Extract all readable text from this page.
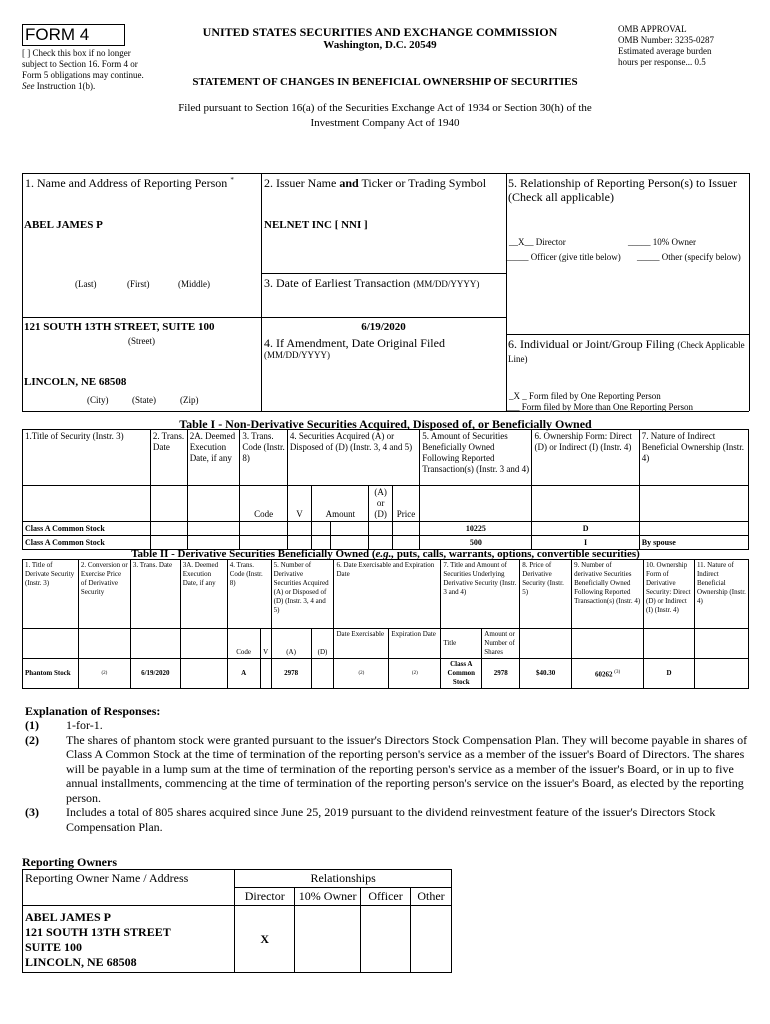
FORM 4
[ ] Check this box if no longer subject to Section 16. Form 4 or Form 5 obligations may continue. See Instruction 1(b).
UNITED STATES SECURITIES AND EXCHANGE COMMISSION
Washington, D.C. 20549
OMB APPROVAL
OMB Number: 3235-0287
Estimated average burden
hours per response... 0.5
STATEMENT OF CHANGES IN BENEFICIAL OWNERSHIP OF SECURITIES
Filed pursuant to Section 16(a) of the Securities Exchange Act of 1934 or Section 30(h) of the
Investment Company Act of 1940
1. Name and Address of Reporting Person *
ABEL JAMES P
(Last)	(First)	(Middle)
121 SOUTH 13TH STREET, SUITE 100
(Street)
LINCOLN, NE 68508
(City)	(State)	(Zip)
2. Issuer Name and Ticker or Trading Symbol
NELNET INC [ NNI ]
3. Date of Earliest Transaction (MM/DD/YYYY)
6/19/2020
4. If Amendment, Date Original Filed
(MM/DD/YYYY)
5. Relationship of Reporting Person(s) to Issuer (Check all applicable)
__X__ Director	_____ 10% Owner
_____ Officer (give title below)	_____ Other (specify below)
6. Individual or Joint/Group Filing (Check Applicable Line)
_X _ Form filed by One Reporting Person
___ Form filed by More than One Reporting Person
Table I - Non-Derivative Securities Acquired, Disposed of, or Beneficially Owned
1.Title of Security (Instr. 3)	2. Trans. Date	2A. Deemed Execution Date, if any	3. Trans. Code (Instr. 8)	4. Securities Acquired (A) or Disposed of (D) (Instr. 3, 4 and 5)					5. Amount of Securities Beneficially Owned Following Reported Transaction(s) (Instr. 3 and 4)	6. Ownership Form: Direct (D) or Indirect (I) (Instr. 4)	7. Nature of Indirect Beneficial Ownership (Instr. 4)
			Code	V	Amount		(A) or (D)	Price			
Class A Common Stock									10225	D	
Class A Common Stock									500	I	By spouse
Table II - Derivative Securities Beneficially Owned (e.g., puts, calls, warrants, options, convertible securities)
1. Title of Derivate Security (Instr. 3)	2. Conversion or Exercise Price of Derivative Security	3. Trans. Date	3A. Deemed Execution Date, if any	4. Trans. Code (Instr. 8)		5. Number of Derivative Securities Acquired (A) or Disposed of (D) (Instr. 3, 4 and 5)		6. Date Exercisable and Expiration Date		7. Title and Amount of Securities Underlying Derivative Security (Instr. 3 and 4)		8. Price of Derivative Security (Instr. 5)	9. Number of derivative Securities Beneficially Owned Following Reported Transaction(s) (Instr. 4)	10. Ownership Form of Derivative Security: Direct (D) or Indirect (I) (Instr. 4)	11. Nature of Indirect Beneficial Ownership (Instr. 4)
				Code	V	(A)	(D)	Date Exercisable	Expiration Date	Title	Amount or Number of Shares				
Phantom Stock	(2)	6/19/2020		A		2978		(2)	(2)	Class A Common Stock	2978	$40.30	60262 $^{(3)}$	D	
Explanation of Responses:
(1) 1-for-1.
(2) The shares of phantom stock were granted pursuant to the issuer's Directors Stock Compensation Plan. They will become payable in shares of Class A Common Stock at the time of termination of the reporting person's service as a member of the issuer's Board of Directors. The shares will be payable in a lump sum at the time of termination of the reporting person's service as a member of the issuer's Board, or in up to five annual installments, commencing at the time of termination of the reporting person's service on the issuer's Board, as elected by the reporting person.
(3) Includes a total of 805 shares acquired since June 25, 2019 pursuant to the dividend reinvestment feature of the issuer's Directors Stock Compensation Plan.
Reporting Owners
Reporting Owner Name / Address	Relationships			
	Director	10% Owner	Officer	Other

ABEL JAMES P
121 SOUTH 13TH STREET
SUITE 100
LINCOLN, NE 68508	X			
